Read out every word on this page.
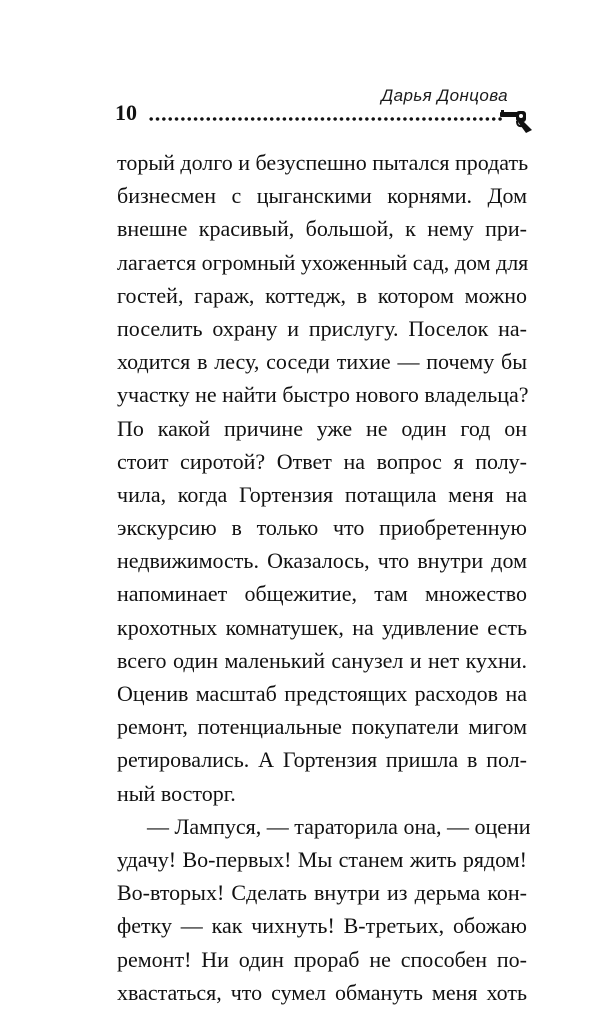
Дарья Донцова
10
торый долго и безуспешно пытался продать
бизнесмен с цыганскими корнями. Дом
внешне красивый, большой, к нему при-
лагается огромный ухоженный сад, дом для
гостей, гараж, коттедж, в котором можно
поселить охрану и прислугу. Поселок на-
ходится в лесу, соседи тихие — почему бы
участку не найти быстро нового владельца?
По какой причине уже не один год он
стоит сиротой? Ответ на вопрос я полу-
чила, когда Гортензия потащила меня на
экскурсию в только что приобретенную
недвижимость. Оказалось, что внутри дом
напоминает общежитие, там множество
крохотных комнатушек, на удивление есть
всего один маленький санузел и нет кухни.
Оценив масштаб предстоящих расходов на
ремонт, потенциальные покупатели мигом
ретировались. А Гортензия пришла в пол-
ный восторг.
— Лампуся, — тараторила она, — оцени
удачу! Во-первых! Мы станем жить рядом!
Во-вторых! Сделать внутри из дерьма кон-
фетку — как чихнуть! В-третьих, обожаю
ремонт! Ни один прораб не способен по-
хвастаться, что сумел обмануть меня хоть
